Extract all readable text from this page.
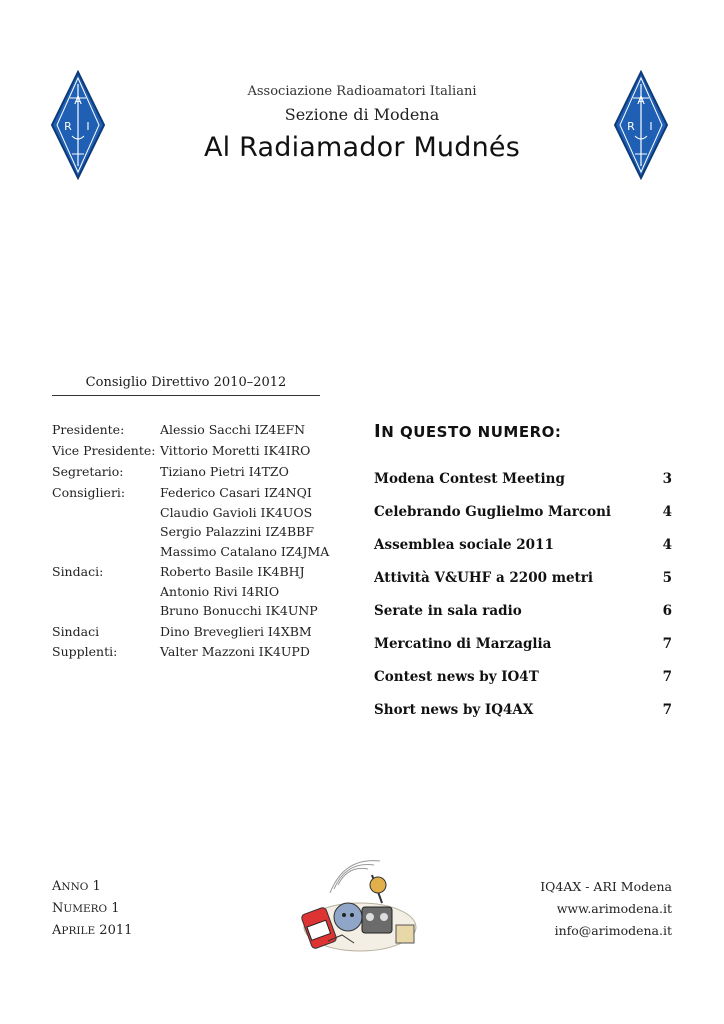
A
R I
A
R I
Associazione Radioamatori Italiani
Sezione di Modena
Al Radiamador Mudnés
Consiglio Direttivo 2010–2012
Presidente:	Alessio Sacchi IZ4EFN
Vice Presidente: Vittorio Moretti IK4IRO
Segretario:	Tiziano Pietri I4TZO
Consiglieri:	Federico Casari IZ4NQI
Claudio Gavioli IK4UOS
Sergio Palazzini IZ4BBF
Massimo Catalano IZ4JMA
Sindaci:	Roberto Basile IK4BHJ
Antonio Rivi I4RIO
Bruno Bonucchi IK4UNP
Sindaci	Dino Breveglieri I4XBM
Supplenti:	Valter Mazzoni IK4UPD
IN QUESTO NUMERO:
Modena Contest Meeting	3
Celebrando Guglielmo Marconi	4
Assemblea sociale 2011	4
Attività V&UHF a 2200 metri	5
Serate in sala radio	6
Mercatino di Marzaglia	7
Contest news by IO4T	7
Short news by IQ4AX	7
ANNO 1
NUMERO 1
APRILE 2011
IQ4AX - ARI Modena
www.arimodena.it
info@arimodena.it
